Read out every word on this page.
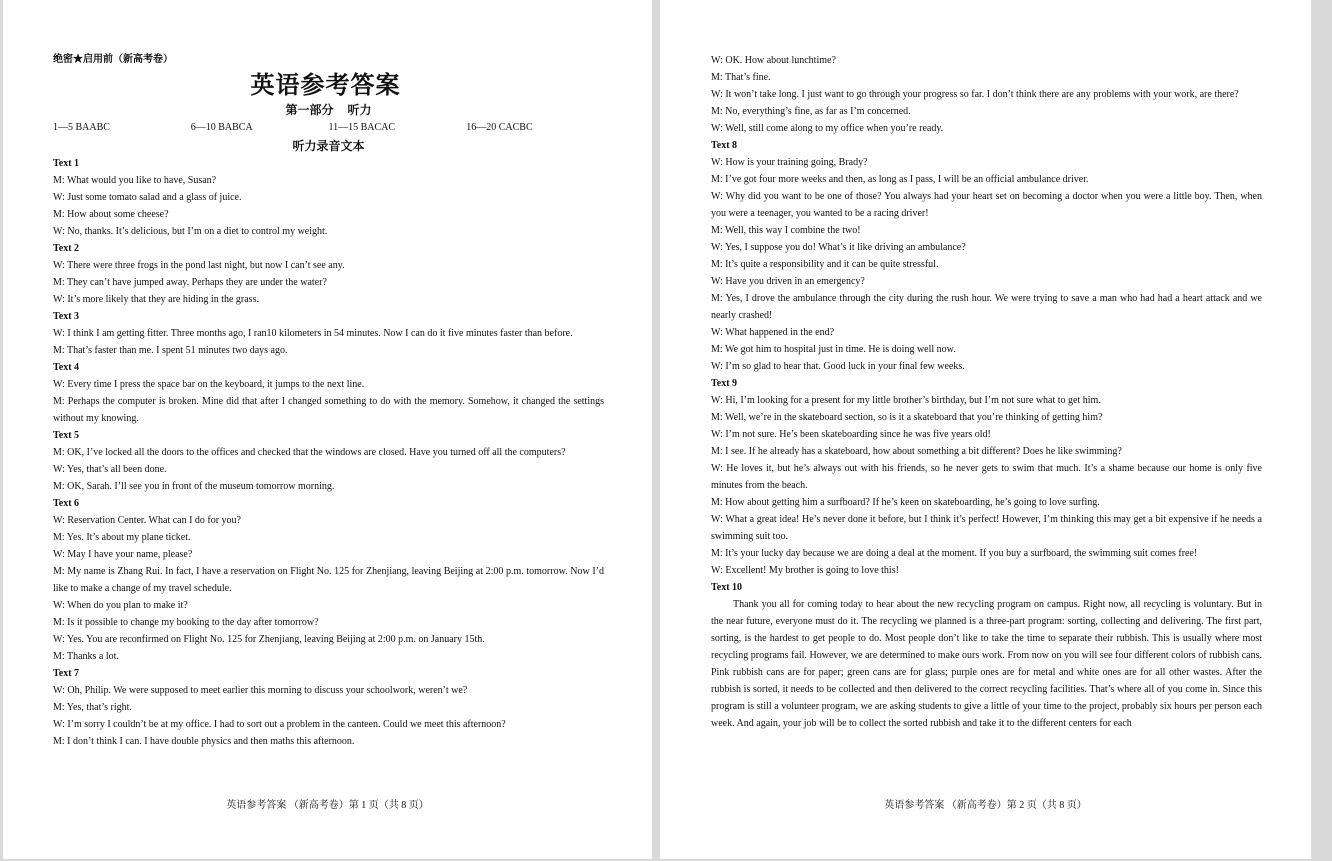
绝密★启用前（新高考卷）

英语参考答案

第一部分 听力

1—5 BAABC	6—10 BABCA	11—15 BACAC	16—20 CACBC

听力录音文本

Text 1

M: What would you like to have, Susan?

W: Just some tomato salad and a glass of juice.

M: How about some cheese?

W: No, thanks. It’s delicious, but I’m on a diet to control my weight.

Text 2

W: There were three frogs in the pond last night, but now I can’t see any.

M: They can’t have jumped away. Perhaps they are under the water?

W: It’s more likely that they are hiding in the grass.

Text 3

W: I think I am getting fitter. Three months ago, I ran10 kilometers in 54 minutes. Now I can do it five minutes faster than before.

M: That’s faster than me. I spent 51 minutes two days ago.

Text 4

W: Every time I press the space bar on the keyboard, it jumps to the next line.

M: Perhaps the computer is broken. Mine did that after I changed something to do with the memory. Somehow, it changed the settings without my knowing.

Text 5

M: OK, I’ve locked all the doors to the offices and checked that the windows are closed. Have you turned off all the computers?

W: Yes, that’s all been done.

M: OK, Sarah. I’ll see you in front of the museum tomorrow morning.

Text 6

W: Reservation Center. What can I do for you?

M: Yes. It’s about my plane ticket.

W: May I have your name, please?

M: My name is Zhang Rui. In fact, I have a reservation on Flight No. 125 for Zhenjiang, leaving Beijing at 2:00 p.m. tomorrow. Now I’d like to make a change of my travel schedule.

W: When do you plan to make it?

M: Is it possible to change my booking to the day after tomorrow?

W: Yes. You are reconfirmed on Flight No. 125 for Zhenjiang, leaving Beijing at 2:00 p.m. on January 15th.

M: Thanks a lot.

Text 7

W: Oh, Philip. We were supposed to meet earlier this morning to discuss your schoolwork, weren’t we?

M: Yes, that’s right.

W: I’m sorry I couldn’t be at my office. I had to sort out a problem in the canteen. Could we meet this afternoon?

M: I don’t think I can. I have double physics and then maths this afternoon.

英语参考答案 （新高考卷）第 1 页（共 8 页）

W: OK. How about lunchtime?

M: That’s fine.

W: It won’t take long. I just want to go through your progress so far. I don’t think there are any problems with your work, are there?

M: No, everything’s fine, as far as I’m concerned.

W: Well, still come along to my office when you’re ready.

Text 8

W: How is your training going, Brady?

M: I’ve got four more weeks and then, as long as I pass, I will be an official ambulance driver.

W: Why did you want to be one of those? You always had your heart set on becoming a doctor when you were a little boy. Then, when you were a teenager, you wanted to be a racing driver!

M: Well, this way I combine the two!

W: Yes, I suppose you do! What’s it like driving an ambulance?

M: It’s quite a responsibility and it can be quite stressful.

W: Have you driven in an emergency?

M: Yes, I drove the ambulance through the city during the rush hour. We were trying to save a man who had had a heart attack and we nearly crashed!

W: What happened in the end?

M: We got him to hospital just in time. He is doing well now.

W: I’m so glad to hear that. Good luck in your final few weeks.

Text 9

W: Hi, I’m looking for a present for my little brother’s birthday, but I’m not sure what to get him.

M: Well, we’re in the skateboard section, so is it a skateboard that you’re thinking of getting him?

W: I’m not sure. He’s been skateboarding since he was five years old!

M: I see. If he already has a skateboard, how about something a bit different? Does he like swimming?

W: He loves it, but he’s always out with his friends, so he never gets to swim that much. It’s a shame because our home is only five minutes from the beach.

M: How about getting him a surfboard? If he’s keen on skateboarding, he’s going to love surfing.

W: What a great idea! He’s never done it before, but I think it’s perfect! However, I’m thinking this may get a bit expensive if he needs a swimming suit too.

M: It’s your lucky day because we are doing a deal at the moment. If you buy a surfboard, the swimming suit comes free!

W: Excellent! My brother is going to love this!

Text 10

Thank you all for coming today to hear about the new recycling program on campus. Right now, all recycling is voluntary. But in the near future, everyone must do it. The recycling we planned is a three-part program: sorting, collecting and delivering. The first part, sorting, is the hardest to get people to do. Most people don’t like to take the time to separate their rubbish. This is usually where most recycling programs fail. However, we are determined to make ours work. From now on you will see four different colors of rubbish cans. Pink rubbish cans are for paper; green cans are for glass; purple ones are for metal and white ones are for all other wastes. After the rubbish is sorted, it needs to be collected and then delivered to the correct recycling facilities. That’s where all of you come in. Since this program is still a volunteer program, we are asking students to give a little of your time to the project, probably six hours per person each week. And again, your job will be to collect the sorted rubbish and take it to the different centers for each

英语参考答案 （新高考卷）第 2 页（共 8 页）
